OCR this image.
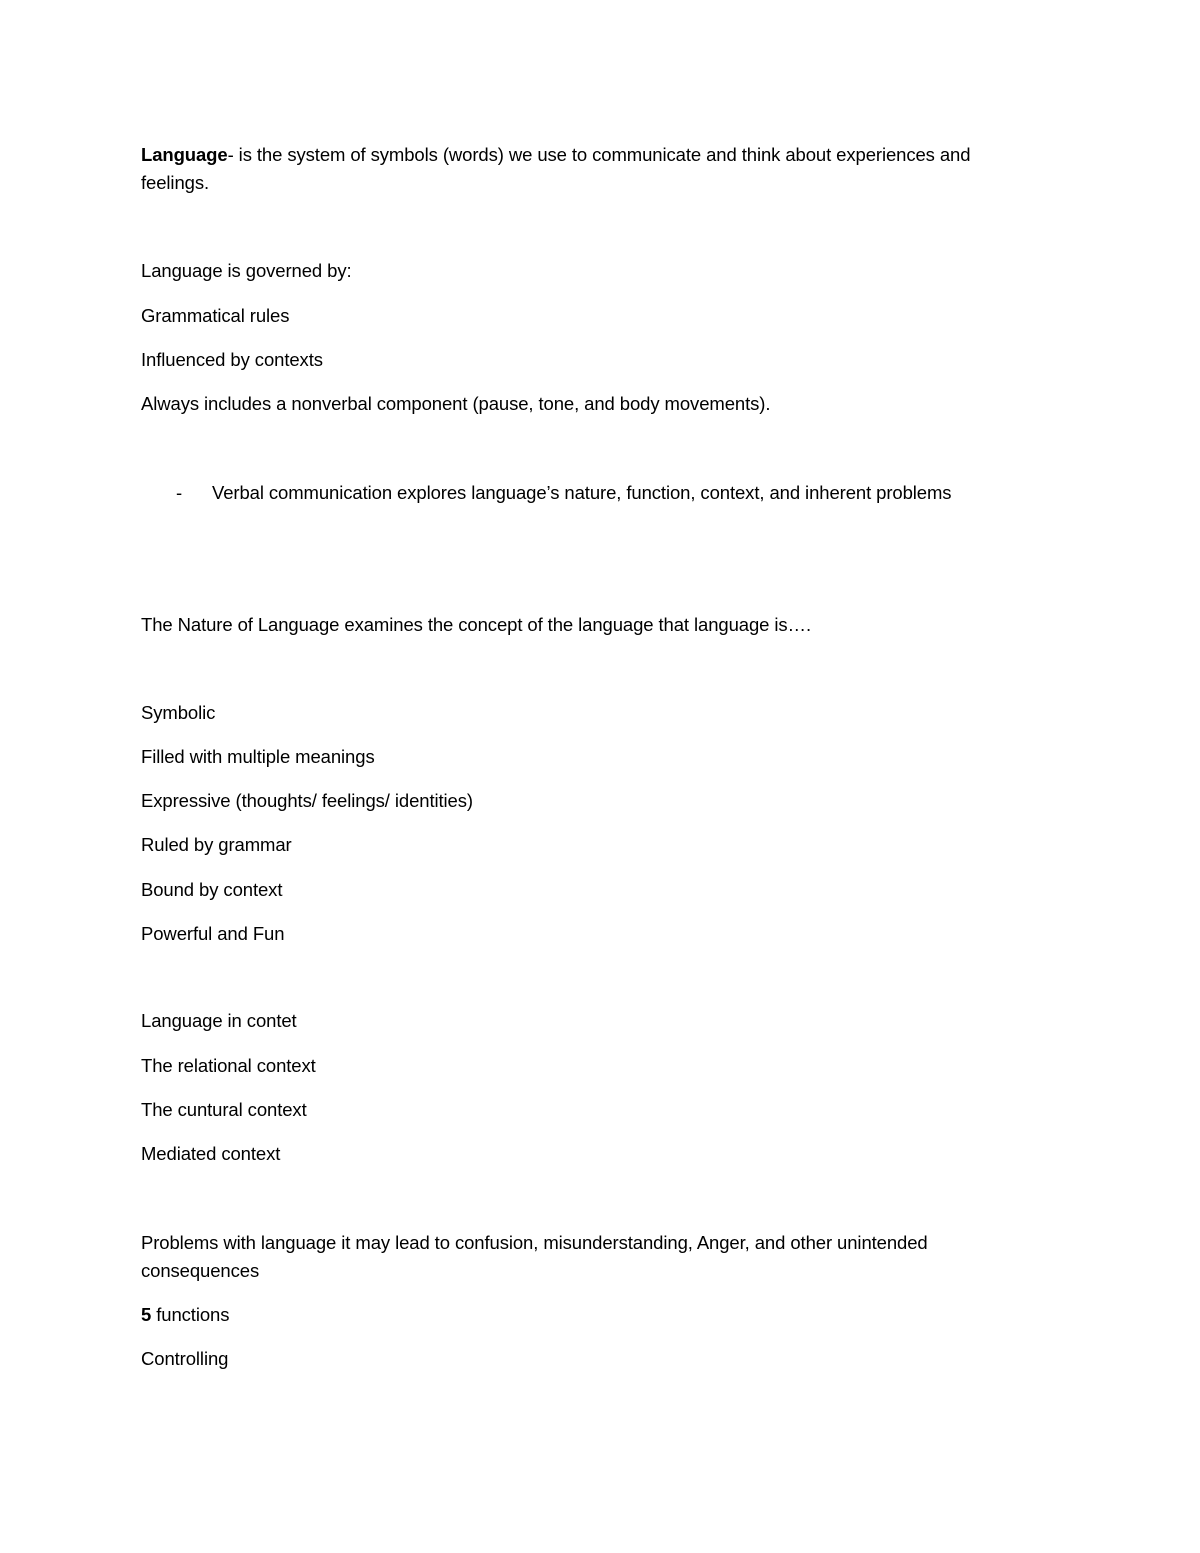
Language- is the system of symbols (words) we use to communicate and think about experiences and feelings.
Language is governed by:
Grammatical rules
Influenced by contexts
Always includes a nonverbal component (pause, tone, and body movements).
- Verbal communication explores language’s nature, function, context, and inherent problems
The Nature of Language examines the concept of the language that language is….
Symbolic
Filled with multiple meanings
Expressive (thoughts/ feelings/ identities)
Ruled by grammar
Bound by context
Powerful and Fun
Language in contet
The relational context
The cuntural context
Mediated context
Problems with language it may lead to confusion, misunderstanding, Anger, and other unintended consequences
5 functions
Controlling
